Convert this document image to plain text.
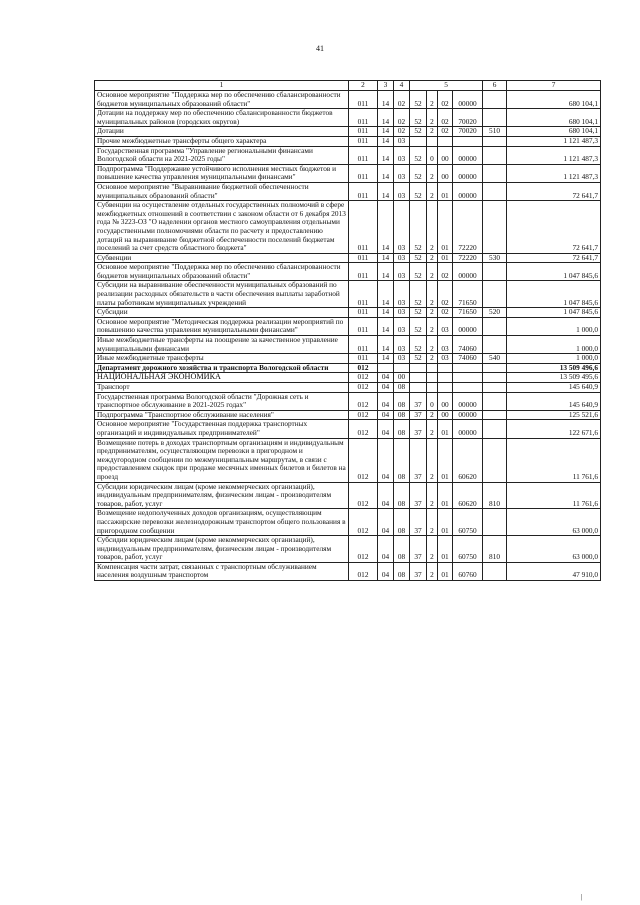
41
1	2	3	4	5				6	7
Основное мероприятие "Поддержка мер по обеспечению сбалансированности бюджетов муниципальных образований области"	011	14	02	52	2	02	00000		680 104,1
Дотации на поддержку мер по обеспечению сбалансированности бюджетов муниципальных районов (городских округов)	011	14	02	52	2	02	70020		680 104,1
Дотации	011	14	02	52	2	02	70020	510	680 104,1
Прочие межбюджетные трансферты общего характера	011	14	03						1 121 487,3
Государственная программа "Управление региональными финансами Вологодской области на 2021-2025 годы"	011	14	03	52	0	00	00000		1 121 487,3
Подпрограмма "Поддержание устойчивого исполнения местных бюджетов и повышение качества управления муниципальными финансами"	011	14	03	52	2	00	00000		1 121 487,3
Основное мероприятие "Выравнивание бюджетной обеспеченности муниципальных образований области"	011	14	03	52	2	01	00000		72 641,7
Субвенции на осуществление отдельных государственных полномочий в сфере межбюджетных отношений в соответствии с законом области от 6 декабря 2013 года № 3223-ОЗ "О наделении органов местного самоуправления отдельными государственными полномочиями области по расчету и предоставлению дотаций на выравнивание бюджетной обеспеченности поселений бюджетам поселений за счет средств областного бюджета"	011	14	03	52	2	01	72220		72 641,7
Субвенции	011	14	03	52	2	01	72220	530	72 641,7
Основное мероприятие "Поддержка мер по обеспечению сбалансированности бюджетов муниципальных образований области"	011	14	03	52	2	02	00000		1 047 845,6
Субсидии на выравнивание обеспеченности муниципальных образований по реализации расходных обязательств в части обеспечения выплаты заработной платы работникам муниципальных учреждений	011	14	03	52	2	02	71650		1 047 845,6
Субсидии	011	14	03	52	2	02	71650	520	1 047 845,6
Основное мероприятие "Методическая поддержка реализации мероприятий по повышению качества управления муниципальными финансами"	011	14	03	52	2	03	00000		1 000,0
Иные межбюджетные трансферты на поощрение за качественное управление муниципальными финансами	011	14	03	52	2	03	74060		1 000,0
Иные межбюджетные трансферты	011	14	03	52	2	03	74060	540	1 000,0
Департамент дорожного хозяйства и транспорта Вологодской области	012								13 509 496,6
НАЦИОНАЛЬНАЯ ЭКОНОМИКА	012	04	00						13 509 495,6
Транспорт	012	04	08						145 640,9
Государственная программа Вологодской области "Дорожная сеть и транспортное обслуживание в 2021-2025 годах"	012	04	08	37	0	00	00000		145 640,9
Подпрограмма "Транспортное обслуживание населения"	012	04	08	37	2	00	00000		125 521,6
Основное мероприятие "Государственная поддержка транспортных организаций и индивидуальных предпринимателей"	012	04	08	37	2	01	00000		122 671,6
Возмещение потерь в доходах транспортным организациям и индивидуальным предпринимателям, осуществляющим перевозки в пригородном и междугородном сообщении по межмуниципальным маршрутам, в связи с предоставлением скидок при продаже месячных именных билетов и билетов на проезд	012	04	08	37	2	01	60620		11 761,6
Субсидии юридическим лицам (кроме некоммерческих организаций), индивидуальным предпринимателям, физическим лицам - производителям товаров, работ, услуг	012	04	08	37	2	01	60620	810	11 761,6
Возмещение недополученных доходов организациям, осуществляющим пассажирские перевозки железнодорожным транспортом общего пользования в пригородном сообщении	012	04	08	37	2	01	60750		63 000,0
Субсидии юридическим лицам (кроме некоммерческих организаций), индивидуальным предпринимателям, физическим лицам - производителям товаров, работ, услуг	012	04	08	37	2	01	60750	810	63 000,0
Компенсация части затрат, связанных с транспортным обслуживанием населения воздушным транспортом	012	04	08	37	2	01	60760		47 910,0
|
